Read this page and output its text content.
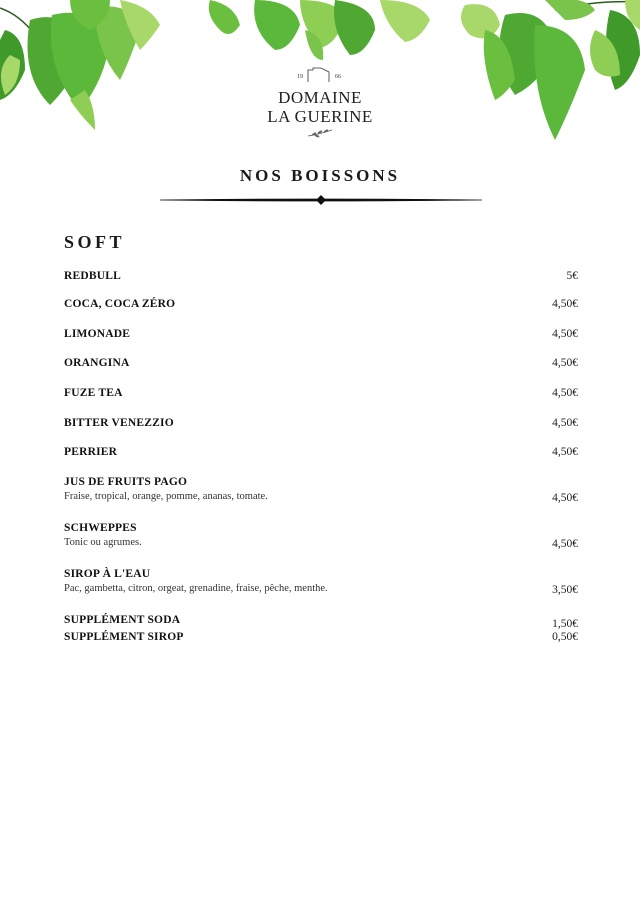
19	66
DOMAINE
LA GUERINE
NOS BOISSONS
SOFT
REDBULL	5€
COCA, COCA ZÉRO	4,50€
LIMONADE	4,50€
ORANGINA	4,50€
FUZE TEA	4,50€
BITTER VENEZZIO	4,50€
PERRIER	4,50€
JUS DE FRUITS PAGO
Fraise, tropical, orange, pomme, ananas, tomate.	4,50€
SCHWEPPES
Tonic ou agrumes.	4,50€
SIROP À L'EAU
Pac, gambetta, citron, orgeat, grenadine, fraise, pêche, menthe.	3,50€
SUPPLÉMENT SODA	1,50€
SUPPLÉMENT SIROP	0,50€
